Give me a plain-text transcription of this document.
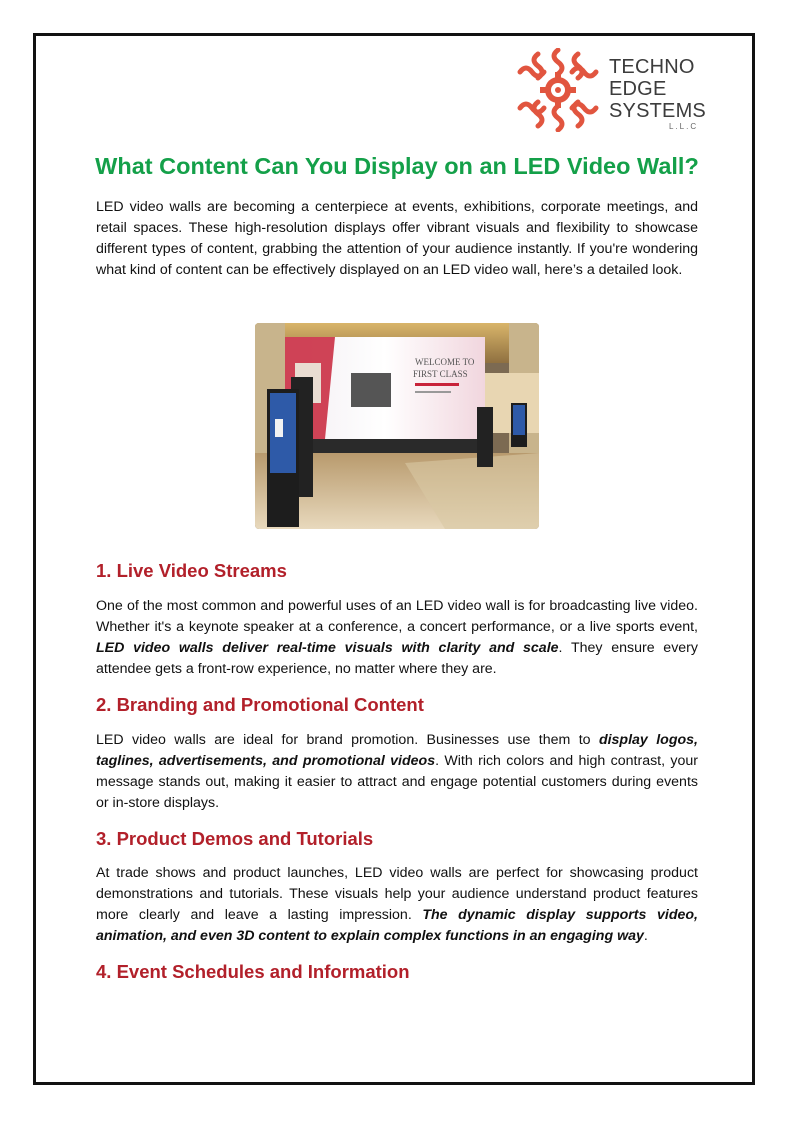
TECHNO
EDGE
SYSTEMS
L.L.C
What Content Can You Display on an LED Video Wall?

LED video walls are becoming a centerpiece at events, exhibitions, corporate meetings, and retail spaces. These high-resolution displays offer vibrant visuals and flexibility to showcase different types of content, grabbing the attention of your audience instantly. If you're wondering what kind of content can be effectively displayed on an LED video wall, here’s a detailed look.

WELCOME TO
FIRST CLASS
1. Live Video Streams

One of the most common and powerful uses of an LED video wall is for broadcasting live video. Whether it's a keynote speaker at a conference, a concert performance, or a live sports event, LED video walls deliver real-time visuals with clarity and scale. They ensure every attendee gets a front-row experience, no matter where they are.

2. Branding and Promotional Content

LED video walls are ideal for brand promotion. Businesses use them to display logos, taglines, advertisements, and promotional videos. With rich colors and high contrast, your message stands out, making it easier to attract and engage potential customers during events or in-store displays.

3. Product Demos and Tutorials

At trade shows and product launches, LED video walls are perfect for showcasing product demonstrations and tutorials. These visuals help your audience understand product features more clearly and leave a lasting impression. The dynamic display supports video, animation, and even 3D content to explain complex functions in an engaging way.

4. Event Schedules and Information
